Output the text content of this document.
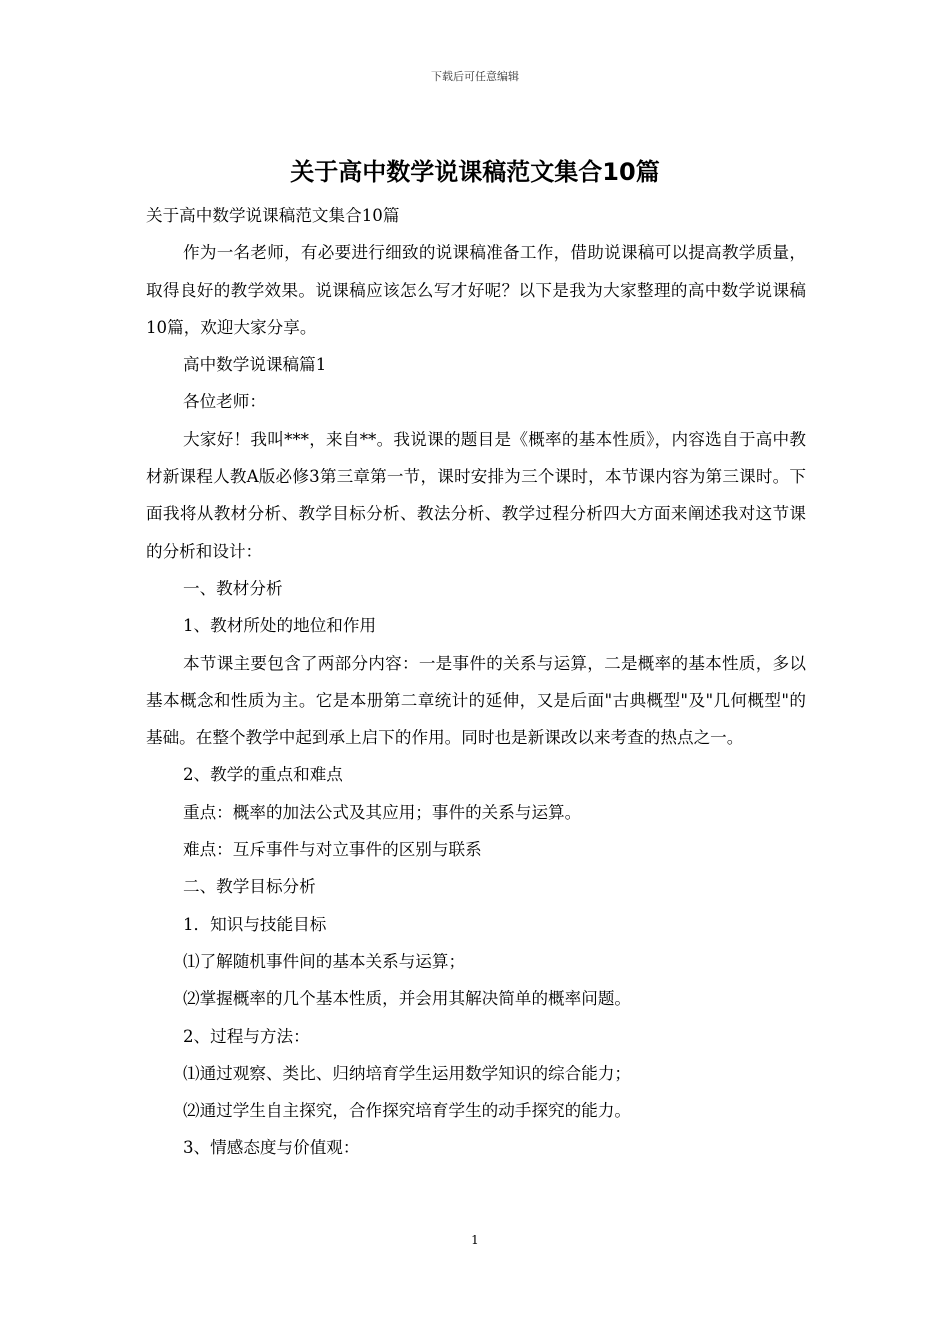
下载后可任意编辑
关于高中数学说课稿范文集合10篇

关于高中数学说课稿范文集合10篇

作为一名老师，有必要进行细致的说课稿准备工作，借助说课稿可以提高教学质量，取得良好的教学效果。说课稿应该怎么写才好呢？以下是我为大家整理的高中数学说课稿10篇，欢迎大家分享。

高中数学说课稿篇1

各位老师：

大家好！我叫***，来自**。我说课的题目是《概率的基本性质》，内容选自于高中教材新课程人教A版必修3第三章第一节，课时安排为三个课时，本节课内容为第三课时。下面我将从教材分析、教学目标分析、教法分析、教学过程分析四大方面来阐述我对这节课的分析和设计：

一、教材分析

1、教材所处的地位和作用

本节课主要包含了两部分内容：一是事件的关系与运算，二是概率的基本性质，多以基本概念和性质为主。它是本册第二章统计的延伸，又是后面"古典概型"及"几何概型"的基础。在整个教学中起到承上启下的作用。同时也是新课改以来考查的热点之一。

2、教学的重点和难点

重点：概率的加法公式及其应用；事件的关系与运算。

难点：互斥事件与对立事件的区别与联系

二、教学目标分析

1．知识与技能目标

⑴了解随机事件间的基本关系与运算；

⑵掌握概率的几个基本性质，并会用其解决简单的概率问题。

2、过程与方法：

⑴通过观察、类比、归纳培育学生运用数学知识的综合能力；

⑵通过学生自主探究，合作探究培育学生的动手探究的能力。

3、情感态度与价值观：

1
